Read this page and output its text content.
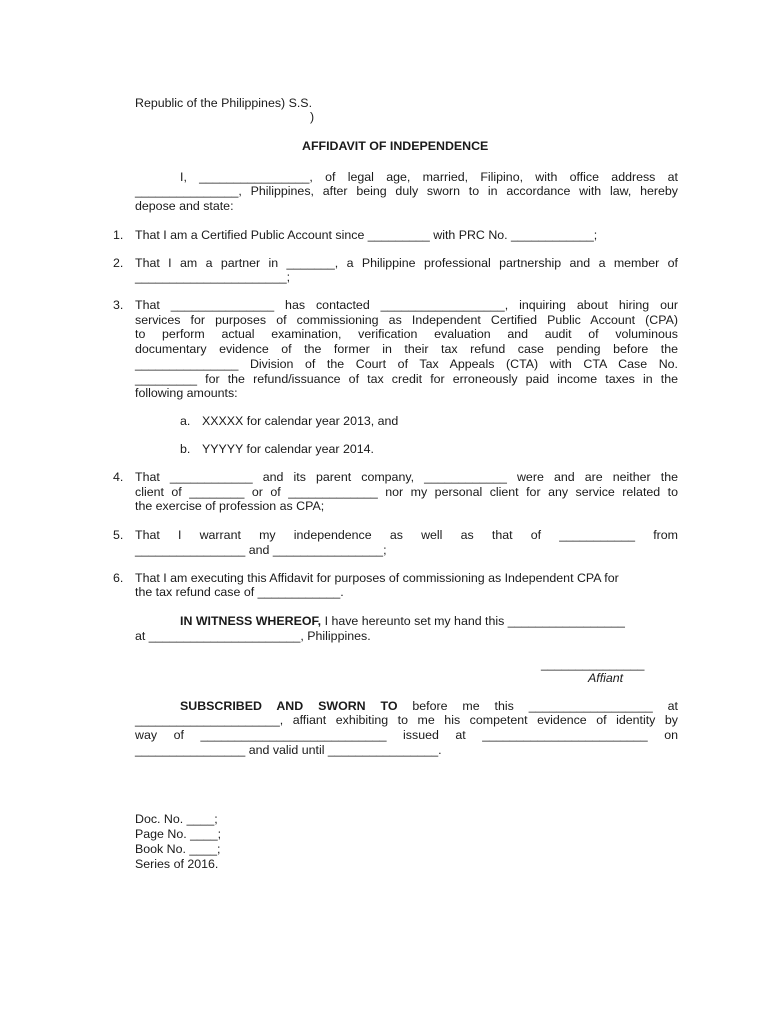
Republic of the Philippines) S.S.
)
AFFIDAVIT OF INDEPENDENCE
I, ________________, of legal age, married, Filipino, with office address at
_______________, Philippines, after being duly sworn to in accordance with law, hereby
depose and state:
1. That I am a Certified Public Account since _________ with PRC No. ____________;
2. That I am a partner in _______, a Philippine professional partnership and a member of
______________________;
3. That _______________ has contacted __________________, inquiring about hiring our
services for purposes of commissioning as Independent Certified Public Account (CPA)
to perform actual examination, verification evaluation and audit of voluminous
documentary evidence of the former in their tax refund case pending before the
_______________ Division of the Court of Tax Appeals (CTA) with CTA Case No.
_________ for the refund/issuance of tax credit for erroneously paid income taxes in the
following amounts:
a. XXXXX for calendar year 2013, and
b. YYYYY for calendar year 2014.
4. That ____________ and its parent company, ____________ were and are neither the
client of ________ or of _____________ nor my personal client for any service related to
the exercise of profession as CPA;
5. That I warrant my independence as well as that of ___________ from
________________ and ________________;
6. That I am executing this Affidavit for purposes of commissioning as Independent CPA for
the tax refund case of ____________.
IN WITNESS WHEREOF, I have hereunto set my hand this _________________
at ______________________, Philippines.
_______________
Affiant
SUBSCRIBED AND SWORN TO before me this __________________ at
_____________________, affiant exhibiting to me his competent evidence of identity by
way of ___________________________ issued at ________________________ on
________________ and valid until ________________.
Doc. No. ____;
Page No. ____;
Book No. ____;
Series of 2016.
